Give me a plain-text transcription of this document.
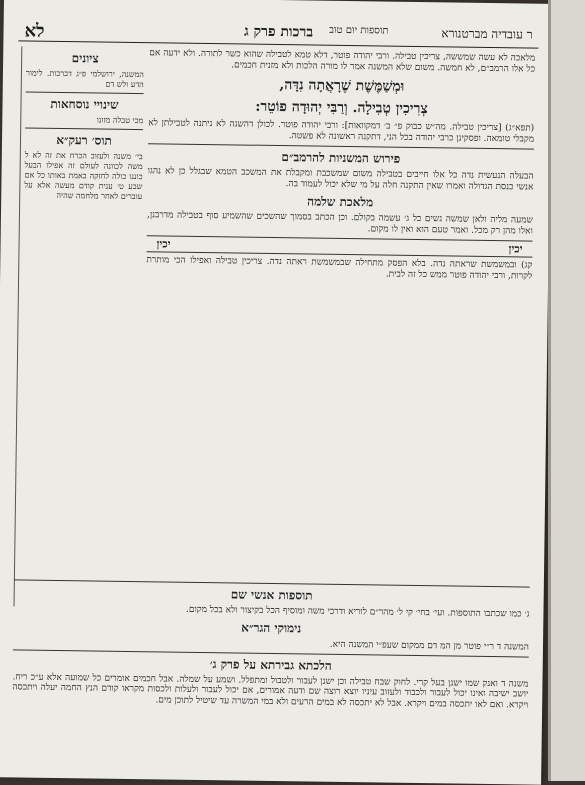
ר עובדיה מברטנורא
ברכות פרק ג	תוספות יום טוב
לא
ציונים

המשנה, ירושלמי פ״ג דברכות. לימור הדע ולש דם

שינויי נוסחאות

מכי טבלה מזונו

תוס׳ רעק״א

בי׳ משנה ולעזוב הכרח את זה לא ל משה לכוונה לעולם זה אפילו הבעל כוננו כולה לחזקה באמת באותו כל אם שבע ט׳ ענית קודם מעשה אלא על עוברים לאחר מלחמה שהיה

מלאכה לא עשה שמששה, צריכין טבילה. ורבי יהודה פוטר, דלא טמא לטבילה שהוא כשר לתורה. ולא ידעה אם כל אלו הרמב״ם, לא חמשה. משום שלא המשנה אמר לו מורה הלכות ולא מזנית חכמים.

וּמְשַׁמֶּשֶׁת שֶׁרָאֲתָה נִדָּה,
צְרִיכִין טְבִילָה. וְרַבִּי יְהוּדָה פוֹטֵר:

(תפא״ג) [צריכין טבילה. מה״ש כבוק פ״ ב׳ דמקוואות]: ורבי יהודה פוטר. לכולן דהשנה לא ניתנה לטבילתן לא מקבלי טומאה. ופסקינן כרבי יהודה בכל הני, דתקנה ראשונה לא פשטה.

פירוש המשניות להרמב״ם

הבעלה הנעשית נדה כל אלו חייבים בטבילה משום שמשכבת ומקבלת את המשכב הטמא שבגלל כן לא נהגו אנשי כנסת הגדולה ואמרו שאין התקנה חלה על מי שלא יכול לעמוד בה.

מלאכת שלמה

שמעה מליה ולאן שמשה נשים כל ג׳ עשמה בקולם. וכן הכתב בסמוך שהשכים שהשמיע סוף בטבילה מדרבנן, ואלו מהן רק מכל. ואמר טעם הוא ואין לו מקום.

יכין
יכין

קג) ובמשמשת שראתה נדה. בלא הפסק מתחילה שבמשמשת ראתה נדה. צריכין טבילה ואפילו הכי מותרת לקרות, ורבי יהודה פוטר ממש כל זה לבית.

תוספות אנשי שם

ג׳ כמו שכתבו התוספות. ועי׳ בחי׳ קי ל׳ מהר״ם לוריא ודרכי משה ומוסיף הכל בקיצור ולא בכל מקום.

נימוקי הגר״א

המשנה ד ר״י פוטר מן המ דם ממקום שעפ״י המשנה היא.

הלכתא גבירתא על פרק ג׳

משנה ד ואנק שמו ישנן בעל קרי. לחוק שבח טבילה וכן ישנן לעבור ולטבול ומתפלל. ושמע על שמלה. אבל חכמים אומרים כל שמועה אלא ע״כ ריח. יושב ישיבה ואינו יכול לעבור ולכבוד ולעזוב עיניו יוצא רוצה שם ודעה אמורים, אם יכול לעבור ולעלות ולכסות מקראו קודם הנץ החמה יעלה ויתכסה ויקרא. ואם לאו יתכסה במים ויקרא. אבל לא יתכסה לא במים הרעים ולא במי המשרה עד שיטיל לתוכן מים.
